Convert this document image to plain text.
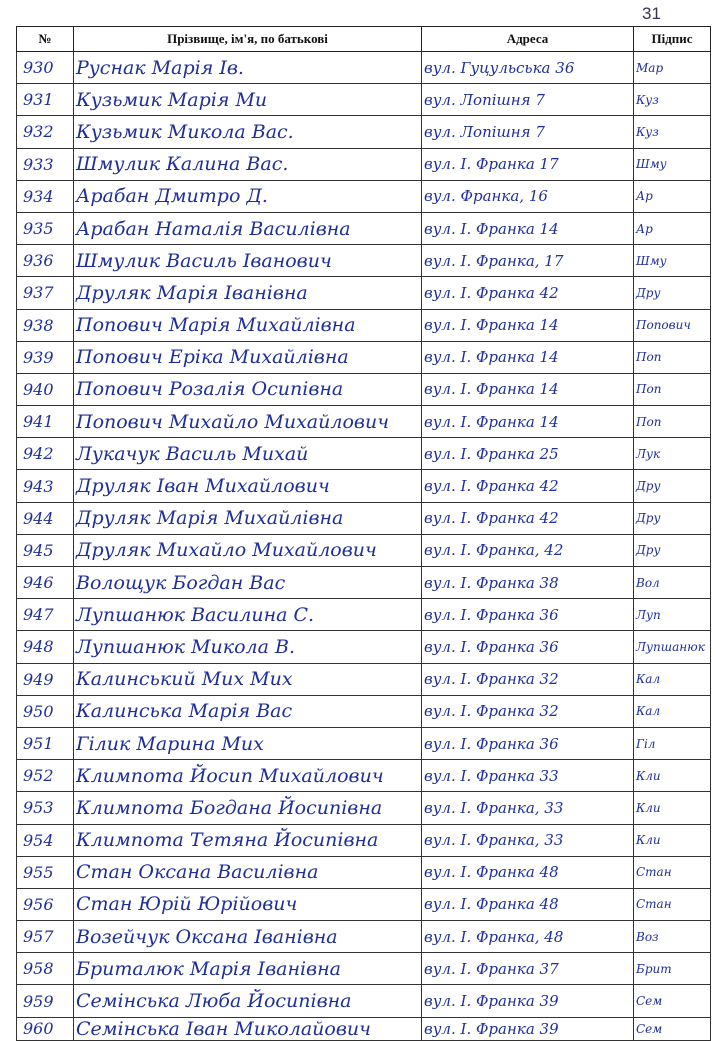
31
№	Прізвище, ім'я, по батькові	Адреса	Підпис
930	Руснак Марія Ів.	вул. Гуцульська 36	Мар
931	Кузьмик Марія Ми	вул. Лопішня 7	Куз
932	Кузьмик Микола Вас.	вул. Лопішня 7	Куз
933	Шмулик Калина Вас.	вул. І. Франка 17	Шму
934	Арабан Дмитро Д.	вул. Франка, 16	Ар
935	Арабан Наталія Василівна	вул. І. Франка 14	Ар
936	Шмулик Василь Іванович	вул. І. Франка, 17	Шму
937	Друляк Марія Іванівна	вул. І. Франка 42	Дру
938	Попович Марія Михайлівна	вул. І. Франка 14	Попович
939	Попович Еріка Михайлівна	вул. І. Франка 14	Поп
940	Попович Розалія Осипівна	вул. І. Франка 14	Поп
941	Попович Михайло Михайлович	вул. І. Франка 14	Поп
942	Лукачук Василь Михай	вул. І. Франка 25	Лук
943	Друляк Іван Михайлович	вул. І. Франка 42	Дру
944	Друляк Марія Михайлівна	вул. І. Франка 42	Дру
945	Друляк Михайло Михайлович	вул. І. Франка, 42	Дру
946	Волощук Богдан Вас	вул. І. Франка 38	Вол
947	Лупшанюк Василина С.	вул. І. Франка 36	Луп
948	Лупшанюк Микола В.	вул. І. Франка 36	Лупшанюк
949	Калинський Мих Мих	вул. І. Франка 32	Кал
950	Калинська Марія Вас	вул. І. Франка 32	Кал
951	Гілик Марина Мих	вул. І. Франка 36	Гіл
952	Климпота Йосип Михайлович	вул. І. Франка 33	Кли
953	Климпота Богдана Йосипівна	вул. І. Франка, 33	Кли
954	Климпота Тетяна Йосипівна	вул. І. Франка, 33	Кли
955	Стан Оксана Василівна	вул. І. Франка 48	Стан
956	Стан Юрій Юрійович	вул. І. Франка 48	Стан
957	Возейчук Оксана Іванівна	вул. І. Франка, 48	Воз
958	Бриталюк Марія Іванівна	вул. І. Франка 37	Брит
959	Семінська Люба Йосипівна	вул. І. Франка 39	Сем
960	Семінська Іван Миколайович	вул. І. Франка 39	Сем
